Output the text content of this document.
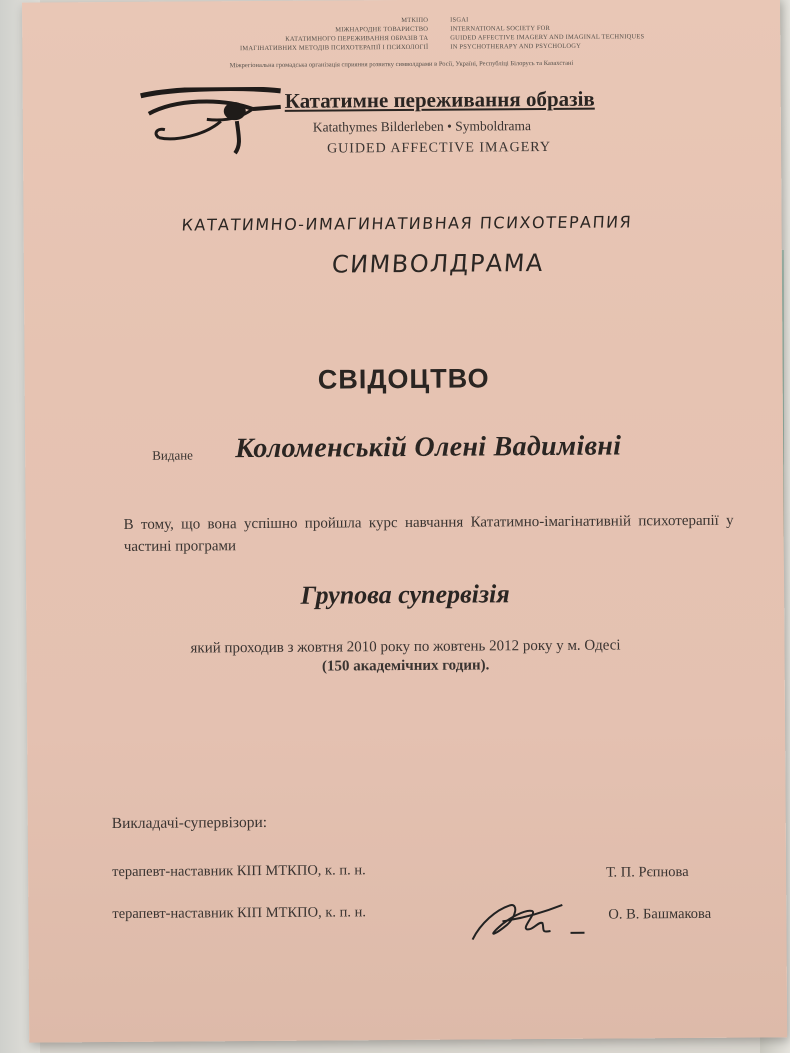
МТКІПО
МІЖНАРОДНЕ ТОВАРИСТВО
КАТАТИМНОГО ПЕРЕЖИВАННЯ ОБРАЗІВ ТА
ІМАГІНАТИВНИХ МЕТОДІВ ПСИХОТЕРАПІЇ І ПСИХОЛОГІЇ
ISGAI
INTERNATIONAL SOCIETY FOR
GUIDED AFFECTIVE IMAGERY AND IMAGINAL TECHNIQUES
IN PSYCHOTHERAPY AND PSYCHOLOGY
Міжрегіональна громадська організація сприяння розвитку символдрами в Росії, Україні, Республіці Білорусь та Казахстані
Кататимне переживання образів
Katathymes Bilderleben • Symboldrama
GUIDED AFFECTIVE IMAGERY
КАТАТИМНО-ИМАГИНАТИВНАЯ ПСИХОТЕРАПИЯ
СИМВОЛДРАМА
СВІДОЦТВО
Видане Коломенській Олені Вадимівні
В тому, що вона успішно пройшла курс навчання Кататимно-імагінативній психотерапії у частині програми
Групова супервізія
який проходив з жовтня 2010 року по жовтень 2012 року у м. Одесі
(150 академічних годин).
Викладачі-супервізори:
терапевт-наставник КІП МТКПО, к. п. н.	Т. П. Рєпнова
терапевт-наставник КІП МТКПО, к. п. н.	О. В. Башмакова
